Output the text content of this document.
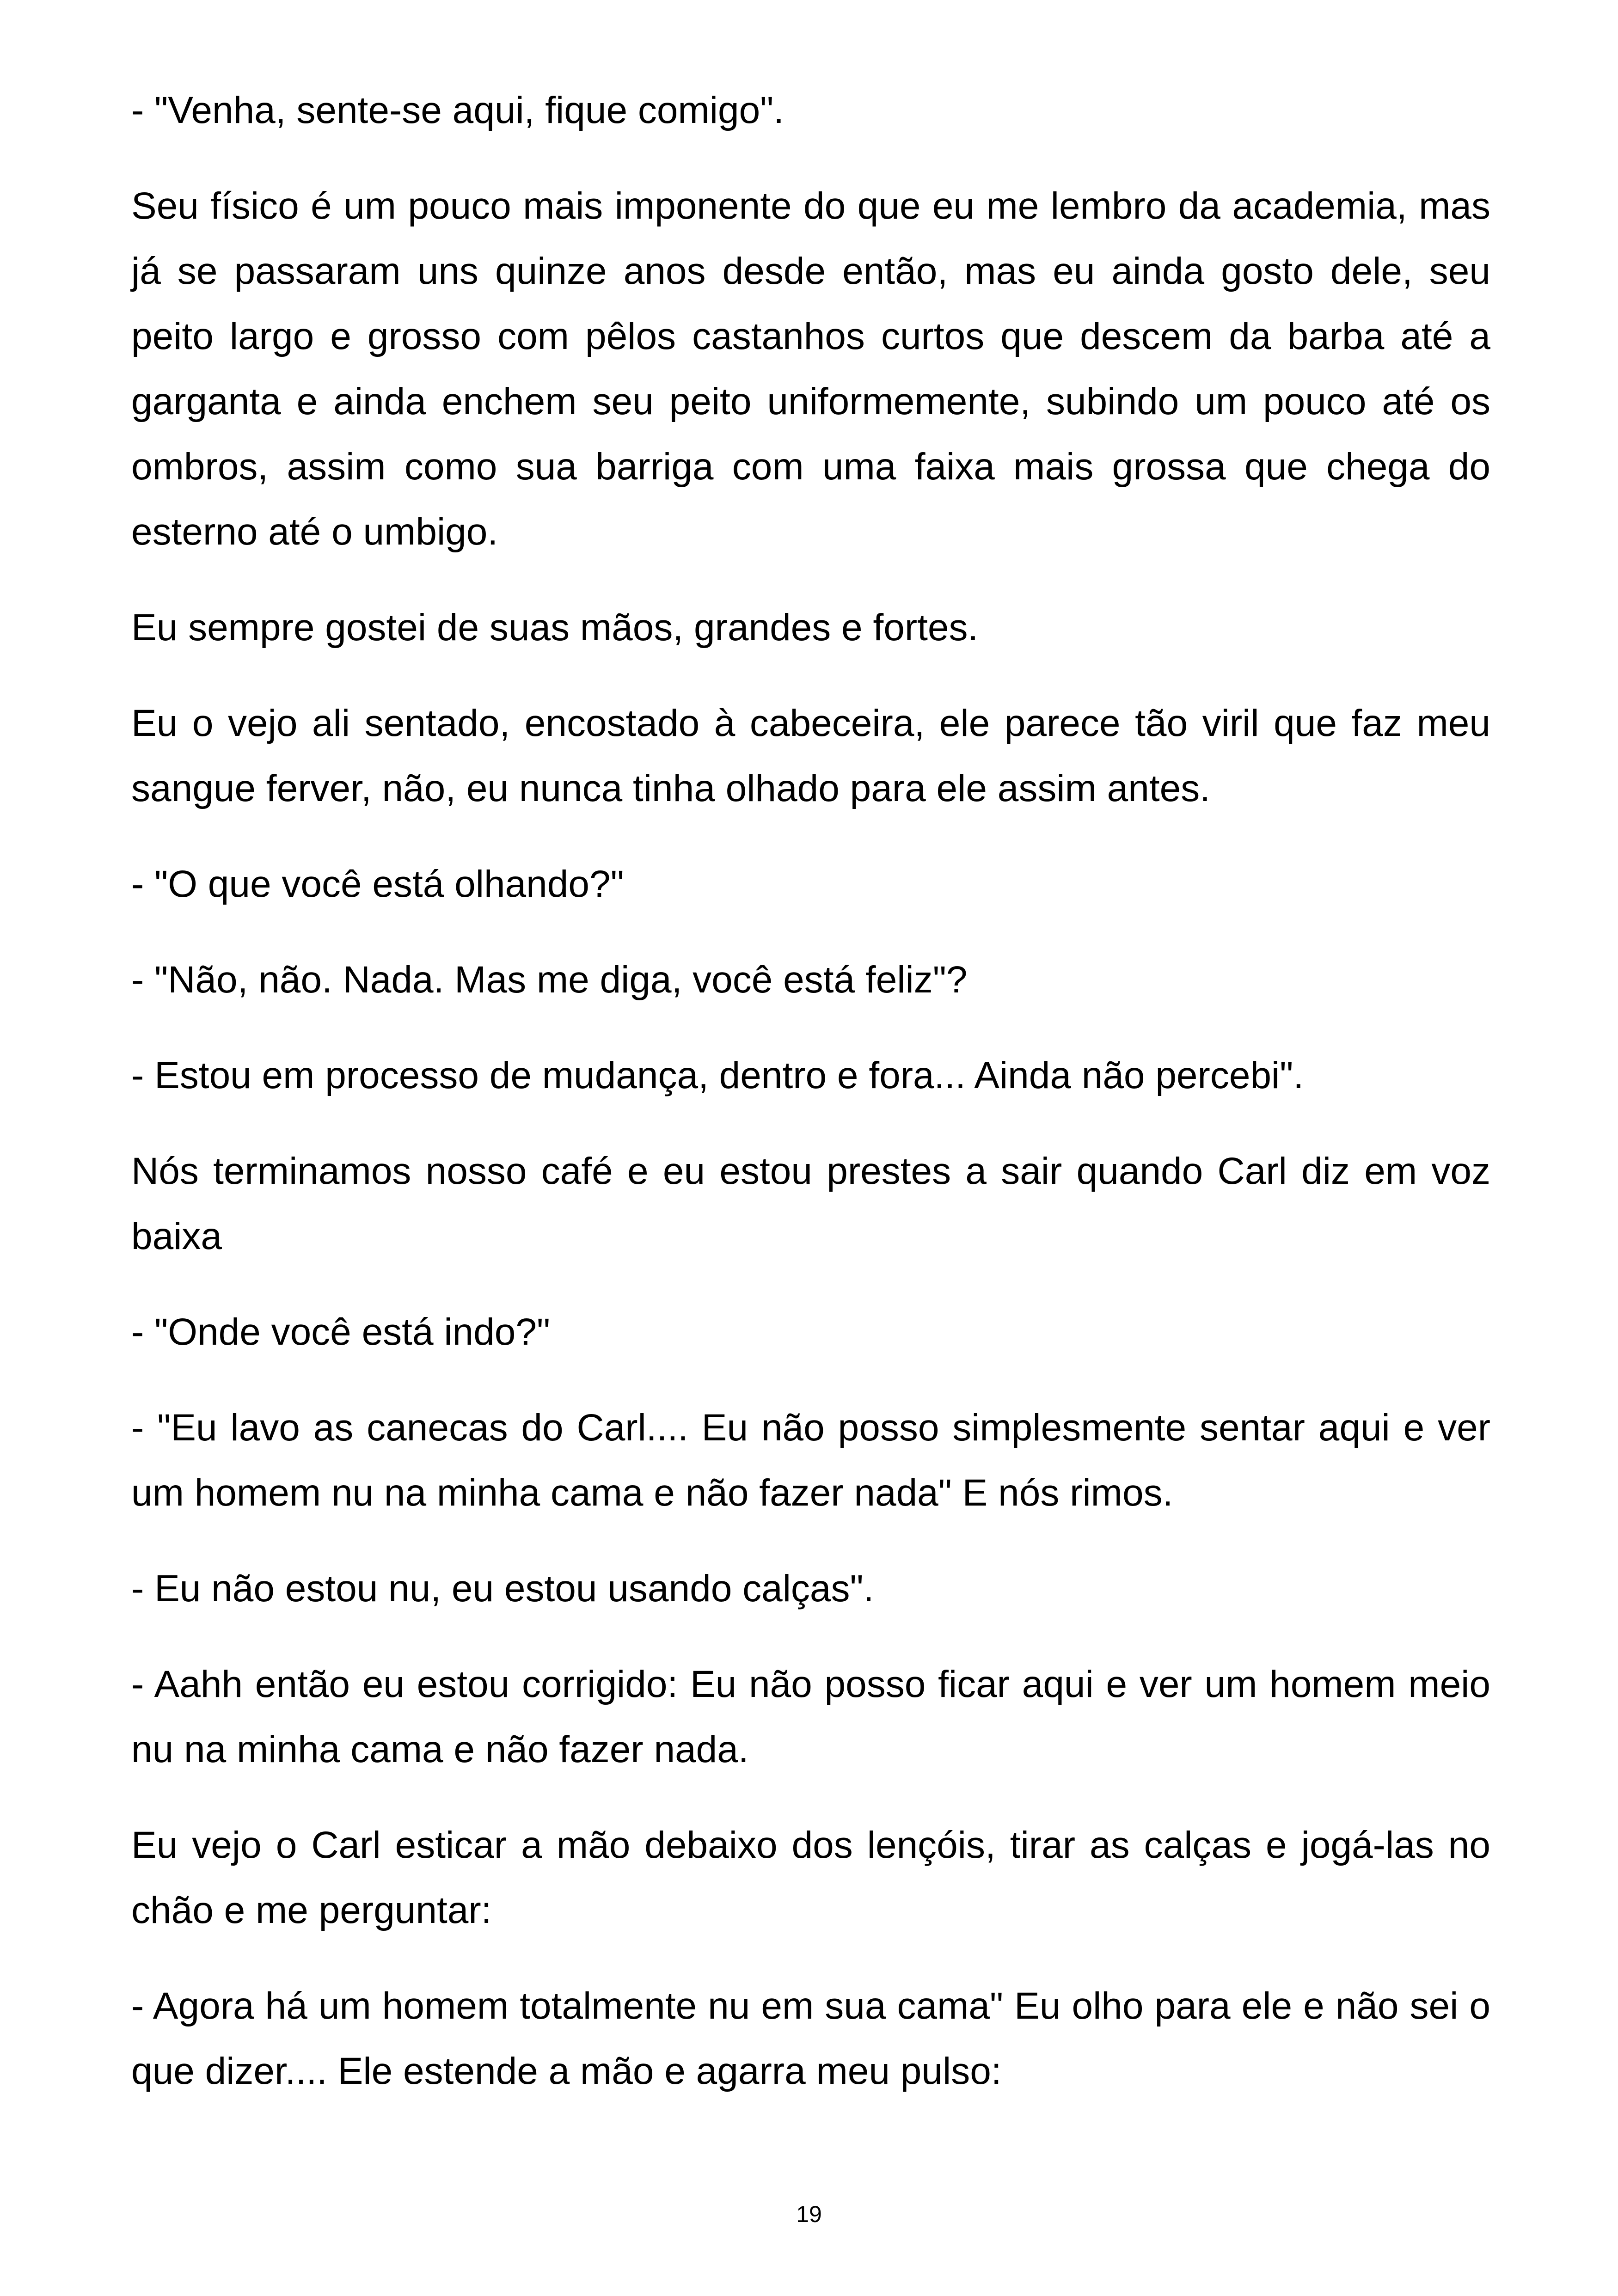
- "Venha, sente-se aqui, fique comigo".

Seu físico é um pouco mais imponente do que eu me lembro da academia, mas já se passaram uns quinze anos desde então, mas eu ainda gosto dele, seu peito largo e grosso com pêlos castanhos curtos que descem da barba até a garganta e ainda enchem seu peito uniformemente, subindo um pouco até os ombros, assim como sua barriga com uma faixa mais grossa que chega do esterno até o umbigo.

Eu sempre gostei de suas mãos, grandes e fortes.

Eu o vejo ali sentado, encostado à cabeceira, ele parece tão viril que faz meu sangue ferver, não, eu nunca tinha olhado para ele assim antes.

- "O que você está olhando?"

- "Não, não. Nada. Mas me diga, você está feliz"?

- Estou em processo de mudança, dentro e fora... Ainda não percebi".

Nós terminamos nosso café e eu estou prestes a sair quando Carl diz em voz baixa

- "Onde você está indo?"

- "Eu lavo as canecas do Carl.... Eu não posso simplesmente sentar aqui e ver um homem nu na minha cama e não fazer nada" E nós rimos.

- Eu não estou nu, eu estou usando calças".

- Aahh então eu estou corrigido: Eu não posso ficar aqui e ver um homem meio nu na minha cama e não fazer nada.

Eu vejo o Carl esticar a mão debaixo dos lençóis, tirar as calças e jogá-las no chão e me perguntar:

- Agora há um homem totalmente nu em sua cama" Eu olho para ele e não sei o que dizer.... Ele estende a mão e agarra meu pulso:

19
